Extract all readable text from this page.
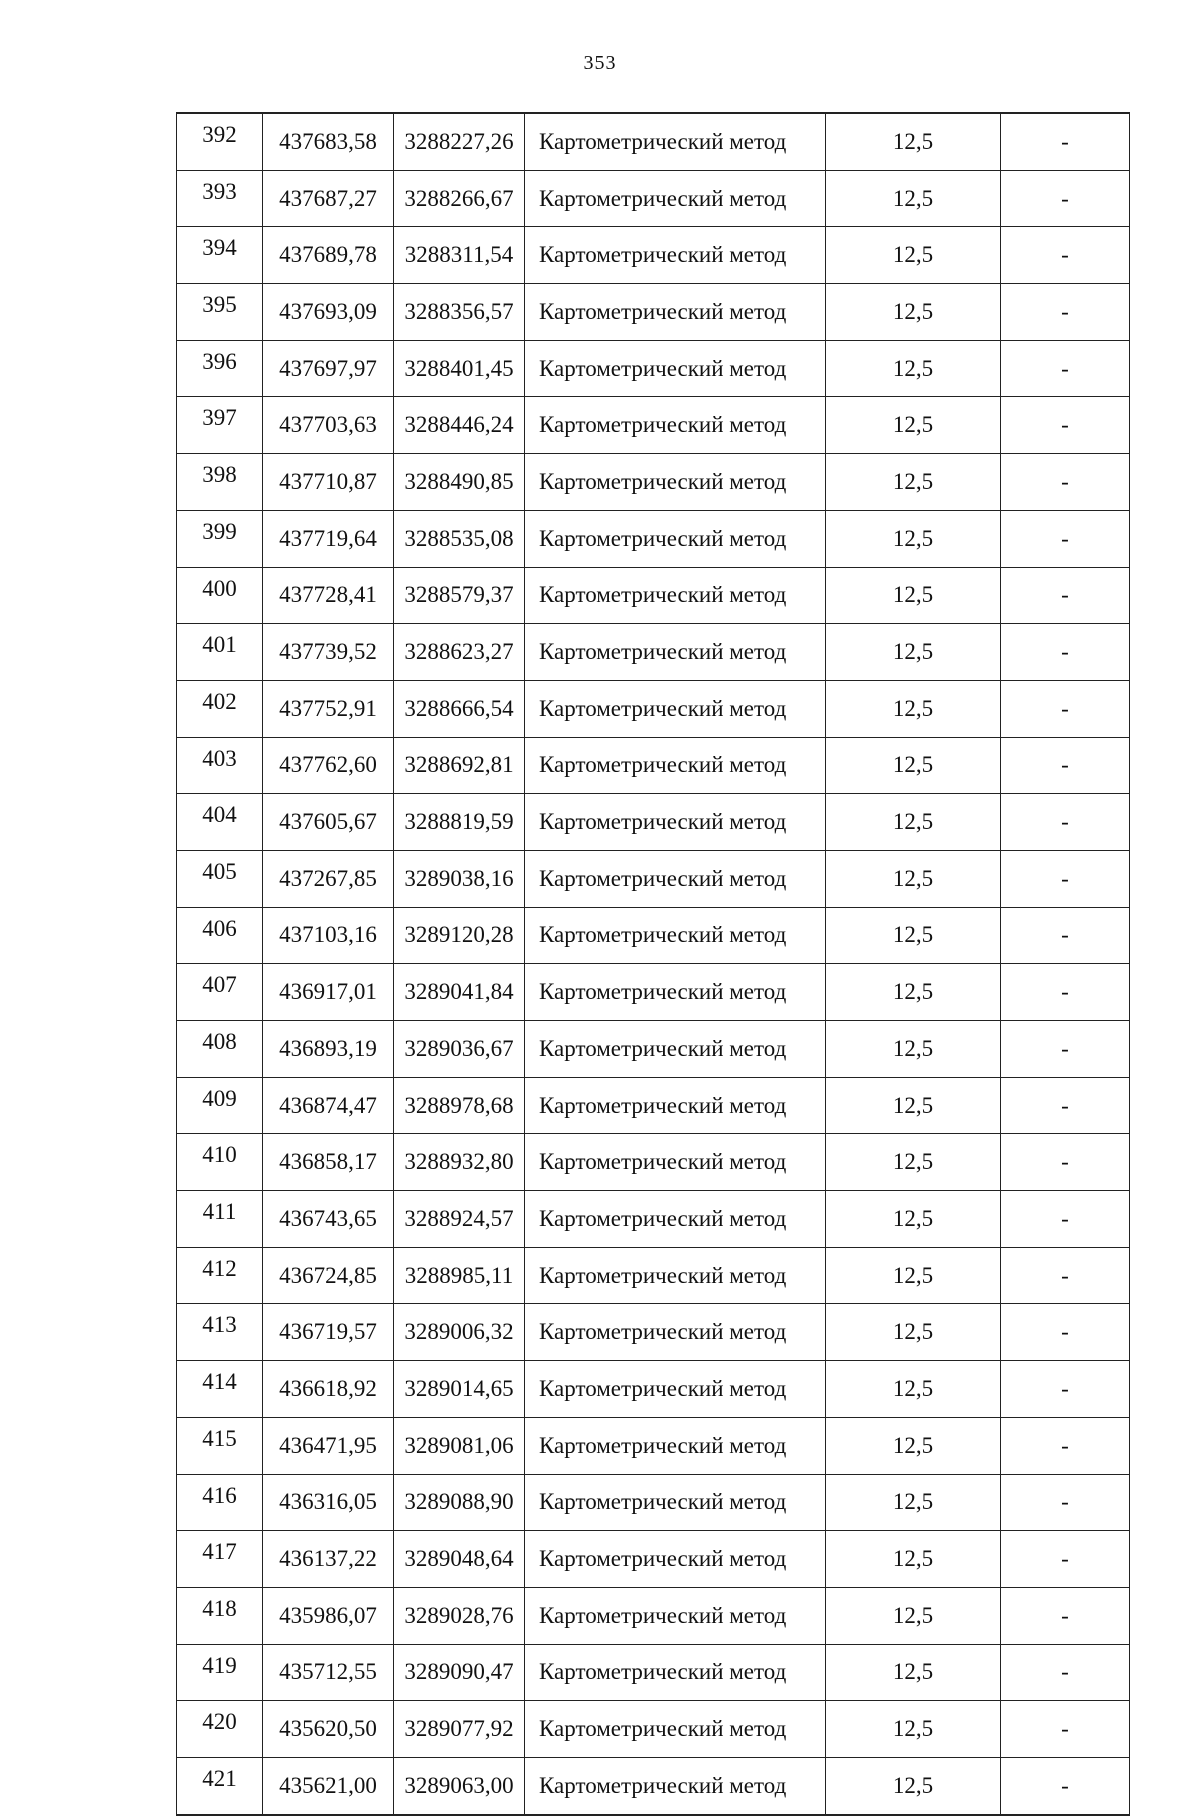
353
392	437683,58	3288227,26	Картометрический метод	12,5	-
393	437687,27	3288266,67	Картометрический метод	12,5	-
394	437689,78	3288311,54	Картометрический метод	12,5	-
395	437693,09	3288356,57	Картометрический метод	12,5	-
396	437697,97	3288401,45	Картометрический метод	12,5	-
397	437703,63	3288446,24	Картометрический метод	12,5	-
398	437710,87	3288490,85	Картометрический метод	12,5	-
399	437719,64	3288535,08	Картометрический метод	12,5	-
400	437728,41	3288579,37	Картометрический метод	12,5	-
401	437739,52	3288623,27	Картометрический метод	12,5	-
402	437752,91	3288666,54	Картометрический метод	12,5	-
403	437762,60	3288692,81	Картометрический метод	12,5	-
404	437605,67	3288819,59	Картометрический метод	12,5	-
405	437267,85	3289038,16	Картометрический метод	12,5	-
406	437103,16	3289120,28	Картометрический метод	12,5	-
407	436917,01	3289041,84	Картометрический метод	12,5	-
408	436893,19	3289036,67	Картометрический метод	12,5	-
409	436874,47	3288978,68	Картометрический метод	12,5	-
410	436858,17	3288932,80	Картометрический метод	12,5	-
411	436743,65	3288924,57	Картометрический метод	12,5	-
412	436724,85	3288985,11	Картометрический метод	12,5	-
413	436719,57	3289006,32	Картометрический метод	12,5	-
414	436618,92	3289014,65	Картометрический метод	12,5	-
415	436471,95	3289081,06	Картометрический метод	12,5	-
416	436316,05	3289088,90	Картометрический метод	12,5	-
417	436137,22	3289048,64	Картометрический метод	12,5	-
418	435986,07	3289028,76	Картометрический метод	12,5	-
419	435712,55	3289090,47	Картометрический метод	12,5	-
420	435620,50	3289077,92	Картометрический метод	12,5	-
421	435621,00	3289063,00	Картометрический метод	12,5	-
